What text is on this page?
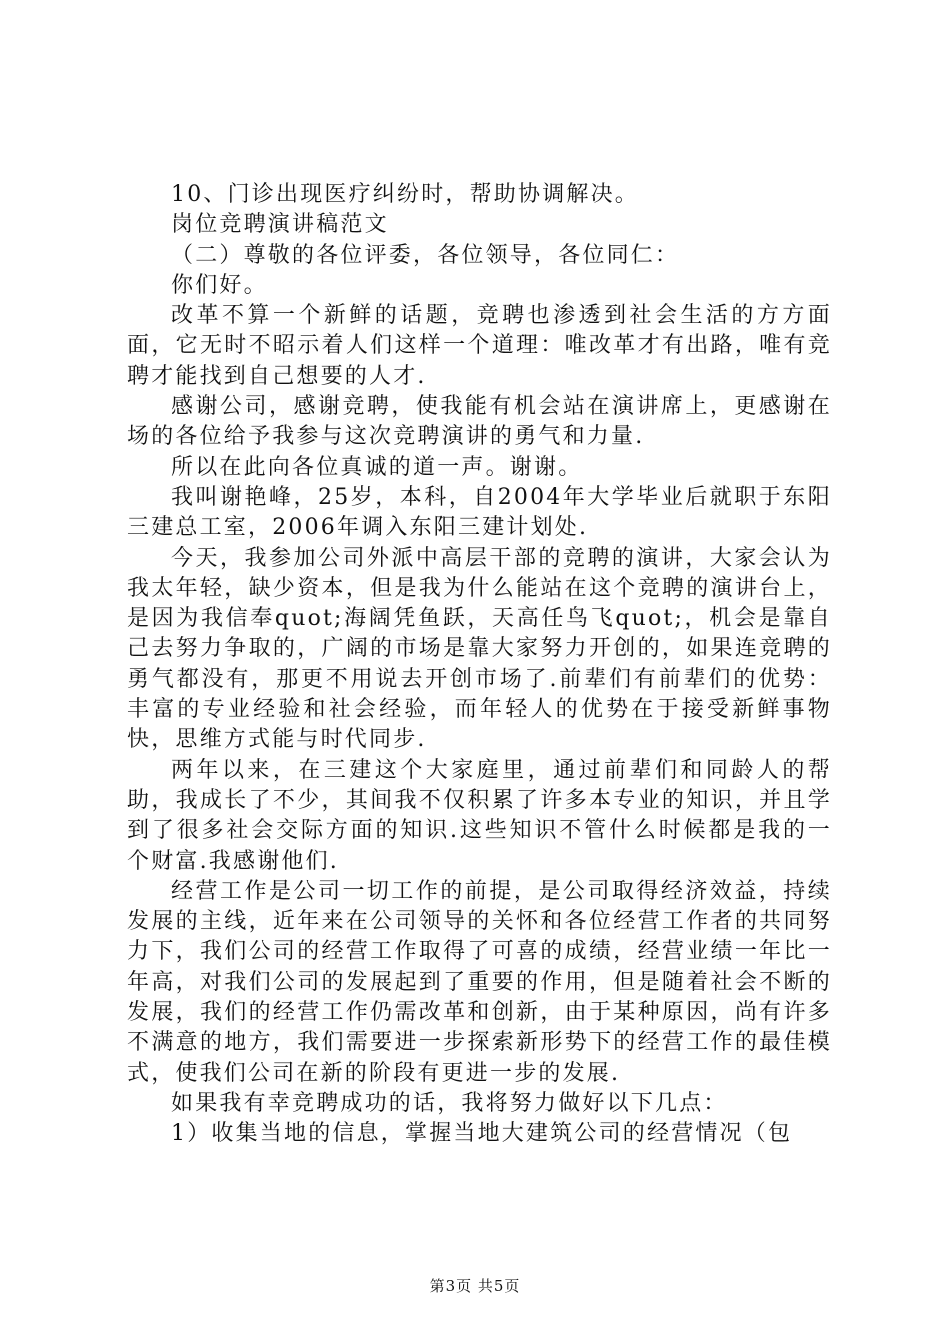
10、门诊出现医疗纠纷时，帮助协调解决。

岗位竞聘演讲稿范文

（二）尊敬的各位评委，各位领导，各位同仁：

你们好。

改革不算一个新鲜的话题，竞聘也渗透到社会生活的方方面面，它无时不昭示着人们这样一个道理：唯改革才有出路，唯有竞聘才能找到自己想要的人才.

感谢公司，感谢竞聘，使我能有机会站在演讲席上，更感谢在场的各位给予我参与这次竞聘演讲的勇气和力量.

所以在此向各位真诚的道一声。谢谢。

我叫谢艳峰，25岁，本科，自2004年大学毕业后就职于东阳三建总工室，2006年调入东阳三建计划处.

今天，我参加公司外派中高层干部的竞聘的演讲，大家会认为我太年轻，缺少资本，但是我为什么能站在这个竞聘的演讲台上，是因为我信奉quot;海阔凭鱼跃，天高任鸟飞quot;，机会是靠自己去努力争取的，广阔的市场是靠大家努力开创的，如果连竞聘的勇气都没有，那更不用说去开创市场了.前辈们有前辈们的优势：丰富的专业经验和社会经验，而年轻人的优势在于接受新鲜事物快，思维方式能与时代同步.

两年以来，在三建这个大家庭里，通过前辈们和同龄人的帮助，我成长了不少，其间我不仅积累了许多本专业的知识，并且学到了很多社会交际方面的知识.这些知识不管什么时候都是我的一个财富.我感谢他们.

经营工作是公司一切工作的前提，是公司取得经济效益，持续发展的主线，近年来在公司领导的关怀和各位经营工作者的共同努力下，我们公司的经营工作取得了可喜的成绩，经营业绩一年比一年高，对我们公司的发展起到了重要的作用，但是随着社会不断的发展，我们的经营工作仍需改革和创新，由于某种原因，尚有许多不满意的地方，我们需要进一步探索新形势下的经营工作的最佳模式，使我们公司在新的阶段有更进一步的发展.

如果我有幸竞聘成功的话，我将努力做好以下几点：

1）收集当地的信息，掌握当地大建筑公司的经营情况（包

第3页 共5页
